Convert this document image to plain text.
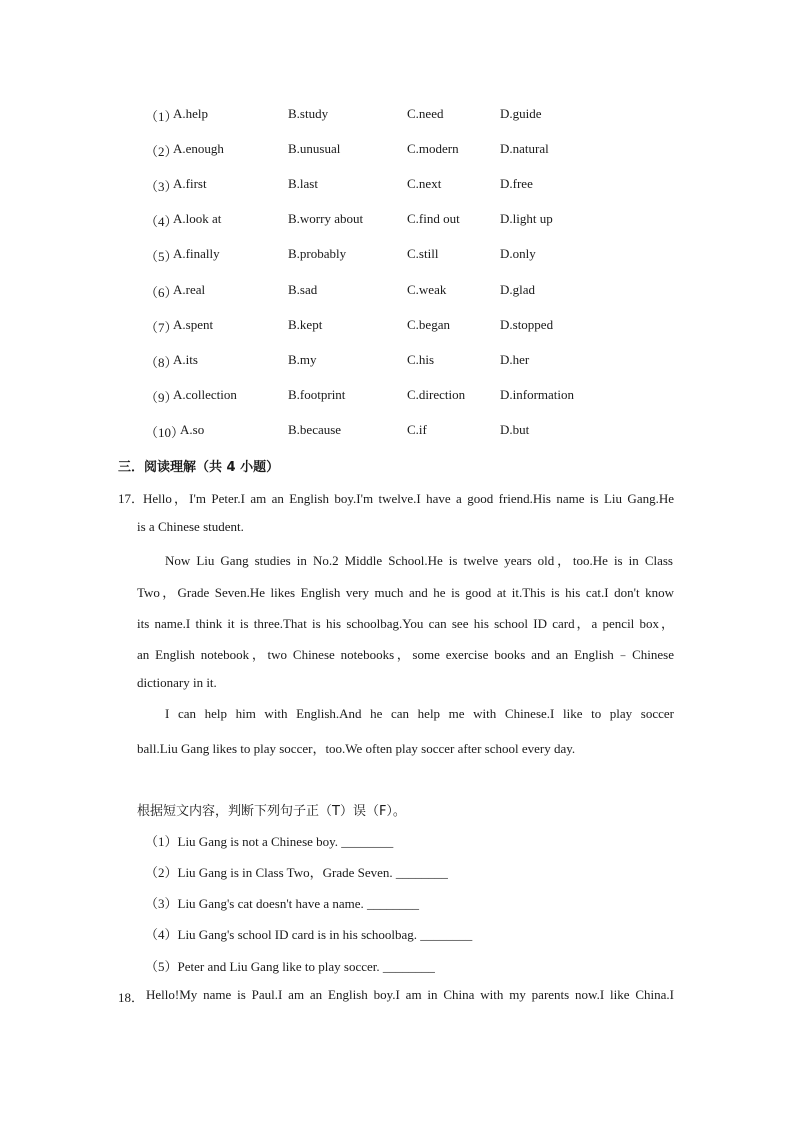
（1）
A.help	B.study	C.need	D.guide
（2）
A.enough	B.unusual	C.modern	D.natural
（3）
A.first	B.last	C.next	D.free
（4）
A.look at	B.worry about	C.find out	D.light up
（5）
A.finally	B.probably	C.still	D.only
（6）
A.real	B.sad	C.weak	D.glad
（7）
A.spent	B.kept	C.began	D.stopped
（8）
A.its	B.my	C.his	D.her
（9）
A.collection	B.footprint	C.direction	D.information
（10）
A.so	B.because	C.if	D.but
三．阅读理解（共 4 小题）
17．
Hello，I'm Peter.I am an English boy.I'm twelve.I have a good friend.His name is Liu Gang.He
is a Chinese student.
Now Liu Gang studies in No.2 Middle School.He is twelve years old，too.He is in Class
Two，Grade Seven.He likes English very much and he is good at it.This is his cat.I don't know
its name.I think it is three.That is his schoolbag.You can see his school ID card，a pencil box，
an English notebook，two Chinese notebooks，some exercise books and an English﹣Chinese
dictionary in it.
I can help him with English.And he can help me with Chinese.I like to play soccer
ball.Liu Gang likes to play soccer，too.We often play soccer after school every day.
根据短文内容，判断下列句子正（T）误（F）。
（1）Liu Gang is not a Chinese boy. ________
（2）Liu Gang is in Class Two，Grade Seven. ________
（3）Liu Gang's cat doesn't have a name. ________
（4）Liu Gang's school ID card is in his schoolbag. ________
（5）Peter and Liu Gang like to play soccer. ________
18． Hello!My name is Paul.I am an English boy.I am in China with my parents now.I like China.I
